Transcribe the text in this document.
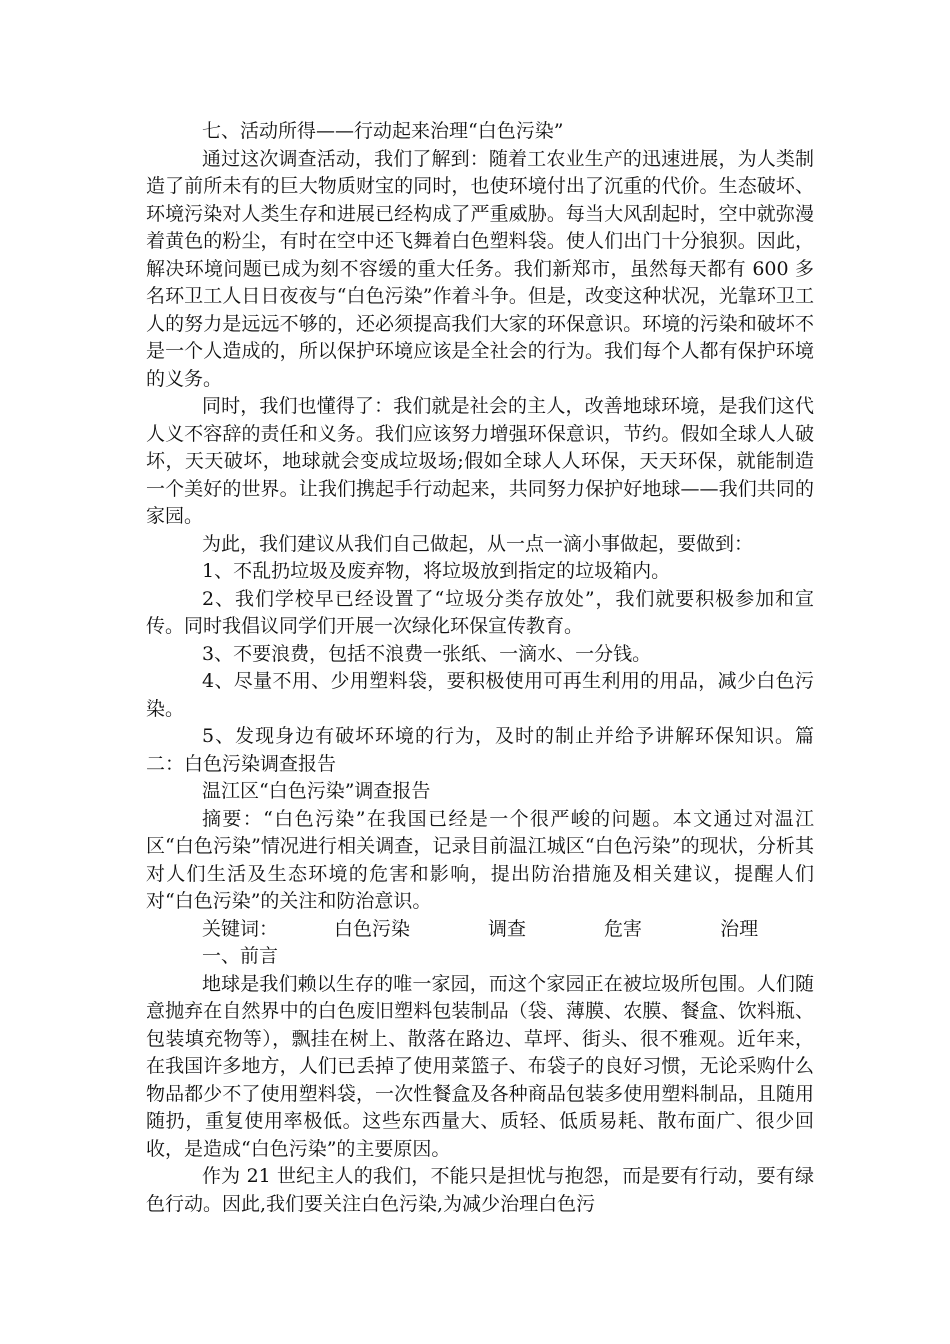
七、活动所得——行动起来治理“白色污染”

通过这次调查活动，我们了解到：随着工农业生产的迅速进展，为人类制造了前所未有的巨大物质财宝的同时，也使环境付出了沉重的代价。生态破坏、环境污染对人类生存和进展已经构成了严重威胁。每当大风刮起时，空中就弥漫着黄色的粉尘，有时在空中还飞舞着白色塑料袋。使人们出门十分狼狈。因此，解决环境问题已成为刻不容缓的重大任务。我们新郑市，虽然每天都有 600 多名环卫工人日日夜夜与“白色污染”作着斗争。但是，改变这种状况，光靠环卫工人的努力是远远不够的，还必须提高我们大家的环保意识。环境的污染和破坏不是一个人造成的，所以保护环境应该是全社会的行为。我们每个人都有保护环境的义务。

同时，我们也懂得了：我们就是社会的主人，改善地球环境，是我们这代人义不容辞的责任和义务。我们应该努力增强环保意识，节约。假如全球人人破坏，天天破坏，地球就会变成垃圾场;假如全球人人环保，天天环保，就能制造一个美好的世界。让我们携起手行动起来，共同努力保护好地球——我们共同的家园。

为此，我们建议从我们自己做起，从一点一滴小事做起，要做到：

1、不乱扔垃圾及废弃物，将垃圾放到指定的垃圾箱内。

2、我们学校早已经设置了“垃圾分类存放处”，我们就要积极参加和宣传。同时我倡议同学们开展一次绿化环保宣传教育。

3、不要浪费，包括不浪费一张纸、一滴水、一分钱。

4、尽量不用、少用塑料袋，要积极使用可再生利用的用品，减少白色污染。

5、发现身边有破坏环境的行为，及时的制止并给予讲解环保知识。篇二：白色污染调查报告

温江区“白色污染”调查报告

摘要：“白色污染”在我国已经是一个很严峻的问题。本文通过对温江区“白色污染”情况进行相关调查，记录目前温江城区“白色污染”的现状，分析其对人们生活及生态环境的危害和影响，提出防治措施及相关建议，提醒人们对“白色污染”的关注和防治意识。

关键词：	白色污染	调查	危害	治理

一、前言

地球是我们赖以生存的唯一家园，而这个家园正在被垃圾所包围。人们随意抛弃在自然界中的白色废旧塑料包装制品（袋、薄膜、农膜、餐盒、饮料瓶、包装填充物等），飘挂在树上、散落在路边、草坪、街头、很不雅观。近年来，在我国许多地方，人们已丢掉了使用菜篮子、布袋子的良好习惯，无论采购什么物品都少不了使用塑料袋，一次性餐盒及各种商品包装多使用塑料制品，且随用随扔，重复使用率极低。这些东西量大、质轻、低质易耗、散布面广、很少回收，是造成“白色污染”的主要原因。

作为 21 世纪主人的我们，不能只是担忧与抱怨，而是要有行动，要有绿色行动。因此,我们要关注白色污染,为减少治理白色污
